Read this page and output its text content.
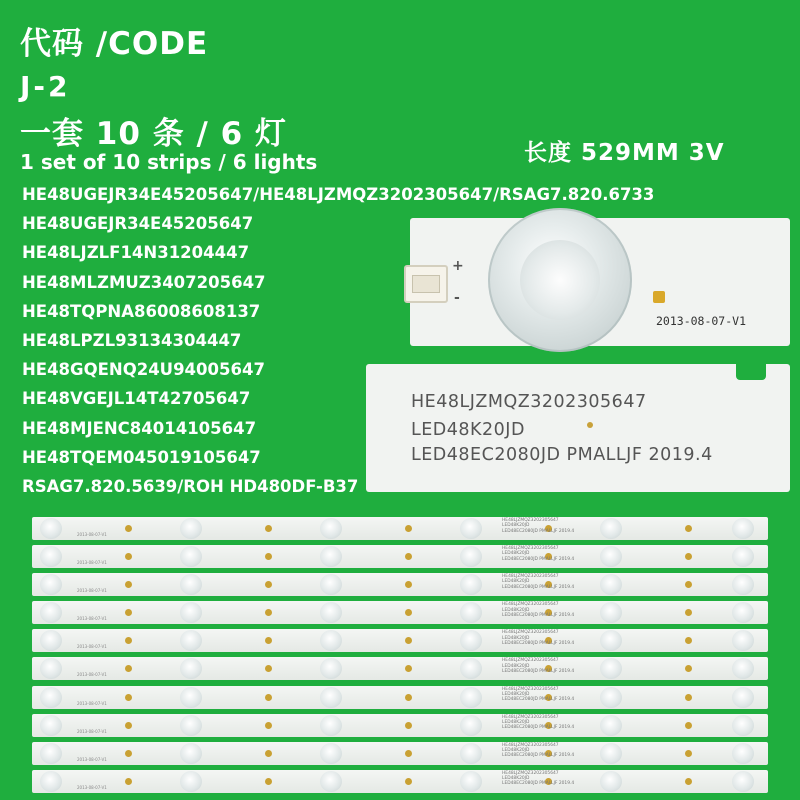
代码 /CODE
J-2
一套 10 条 / 6 灯
1 set of 10 strips / 6 lights	长度 529MM 3V
HE48UGEJR34E45205647/HE48LJZMQZ3202305647/RSAG7.820.6733
HE48UGEJR34E45205647
HE48LJZLF14N31204447
HE48MLZMUZ3407205647
HE48TQPNA86008608137
HE48LPZL93134304447
HE48GQENQ24U94005647
HE48VGEJL14T42705647
HE48MJENC84014105647
HE48TQEM045019105647
RSAG7.820.5639/ROH HD480DF-B37
+
-
2013-08-07-V1
HE48LJZMQZ3202305647
LED48K20JD
LED48EC2080JD PMALLJF 2019.4
HE48LJZMQZ3202305647
LED48K20JD
LED48EC2080JD PMALLJF 2019.4
2013-08-07-V1
HE48LJZMQZ3202305647
LED48K20JD
LED48EC2080JD PMALLJF 2019.4
2013-08-07-V1
HE48LJZMQZ3202305647
LED48K20JD
LED48EC2080JD PMALLJF 2019.4
2013-08-07-V1
HE48LJZMQZ3202305647
LED48K20JD
LED48EC2080JD PMALLJF 2019.4
2013-08-07-V1
HE48LJZMQZ3202305647
LED48K20JD
LED48EC2080JD PMALLJF 2019.4
2013-08-07-V1
HE48LJZMQZ3202305647
LED48K20JD
LED48EC2080JD PMALLJF 2019.4
2013-08-07-V1
HE48LJZMQZ3202305647
LED48K20JD
LED48EC2080JD PMALLJF 2019.4
2013-08-07-V1
HE48LJZMQZ3202305647
LED48K20JD
LED48EC2080JD PMALLJF 2019.4
2013-08-07-V1
HE48LJZMQZ3202305647
LED48K20JD
LED48EC2080JD PMALLJF 2019.4
2013-08-07-V1
HE48LJZMQZ3202305647
LED48K20JD
LED48EC2080JD PMALLJF 2019.4
2013-08-07-V1
